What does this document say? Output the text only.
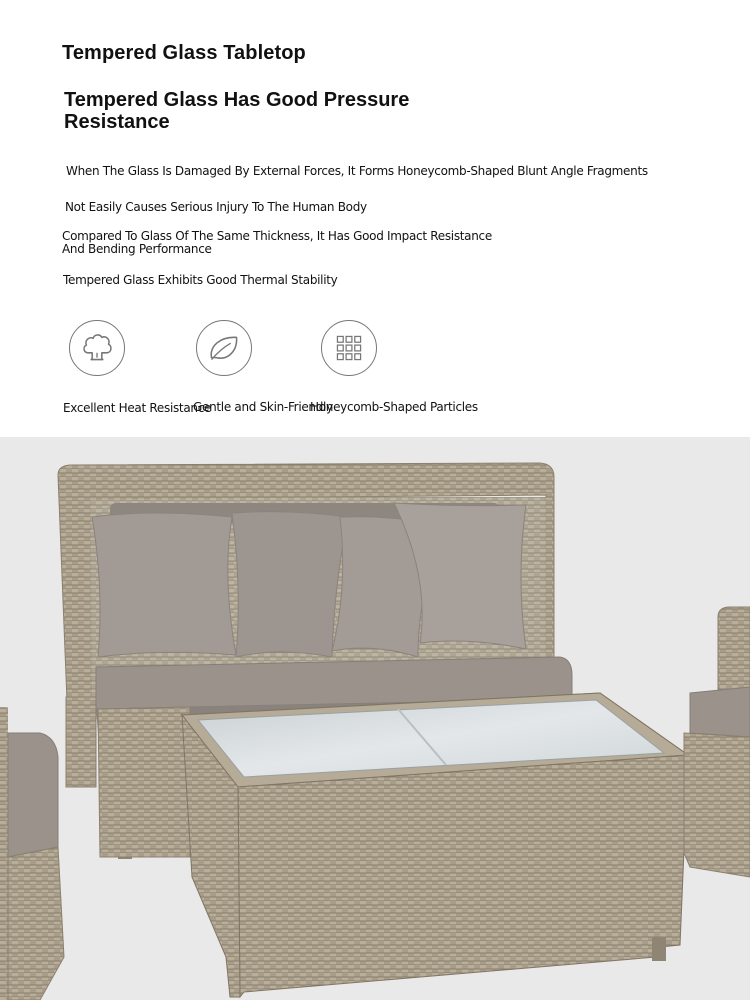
Tempered Glass Tabletop
Tempered Glass Has Good Pressure Resistance
When The Glass Is Damaged By External Forces, It Forms Honeycomb-Shaped Blunt Angle Fragments
Not Easily Causes Serious Injury To The Human Body
Compared To Glass Of The Same Thickness, It Has Good Impact Resistance And Bending Performance
Tempered Glass Exhibits Good Thermal Stability
Excellent Heat Resistance
Gentle and Skin-Friendly
Honeycomb-Shaped Particles
